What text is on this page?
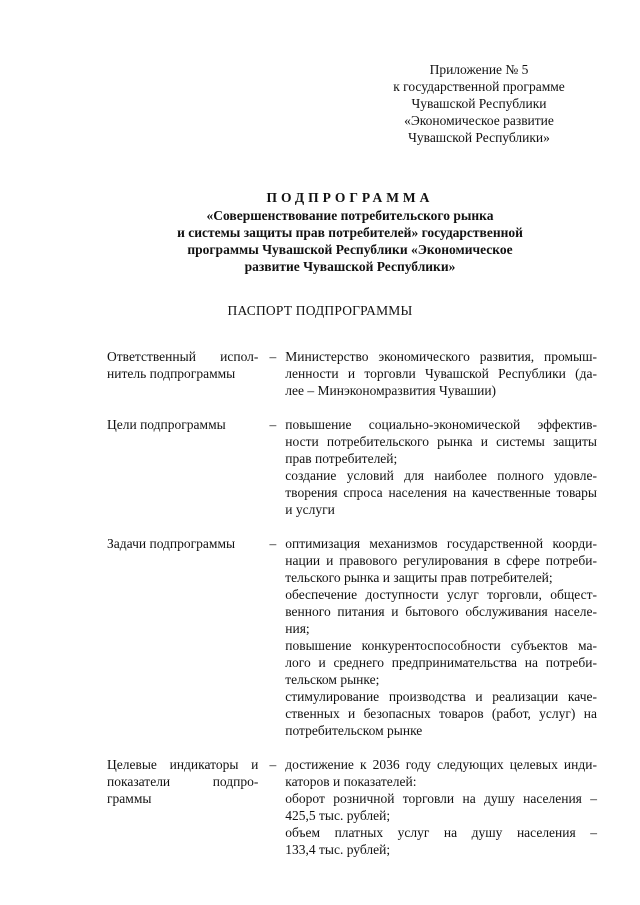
Приложение № 5
к государственной программе
Чувашской Республики
«Экономическое развитие
Чувашской Республики»
ПОДПРОГРАММА
«Совершенствование потребительского рынка
и системы защиты прав потребителей» государственной
программы Чувашской Республики «Экономическое
развитие Чувашской Республики»
ПАСПОРТ ПОДПРОГРАММЫ
Ответственный испол-
нитель подпрограммы
– Министерство экономического развития, промыш-
ленности и торговли Чувашской Республики (да-
лее – Минэкономразвития Чувашии)
Цели подпрограммы	– повышение социально-экономической эффектив-
ности потребительского рынка и системы защиты
прав потребителей;
создание условий для наиболее полного удовле-
творения спроса населения на качественные товары
и услуги
Задачи подпрограммы	– оптимизация механизмов государственной коорди-
нации и правового регулирования в сфере потреби-
тельского рынка и защиты прав потребителей;
обеспечение доступности услуг торговли, общест-
венного питания и бытового обслуживания населе-
ния;
повышение конкурентоспособности субъектов ма-
лого и среднего предпринимательства на потреби-
тельском рынке;
стимулирование производства и реализации каче-
ственных и безопасных товаров (работ, услуг) на
потребительском рынке
Целевые индикаторы и
показатели подпро-
граммы
– достижение к 2036 году следующих целевых инди-
каторов и показателей:
оборот розничной торговли на душу населения –
425,5 тыс. рублей;
объем платных услуг на душу населения –
133,4 тыс. рублей;
